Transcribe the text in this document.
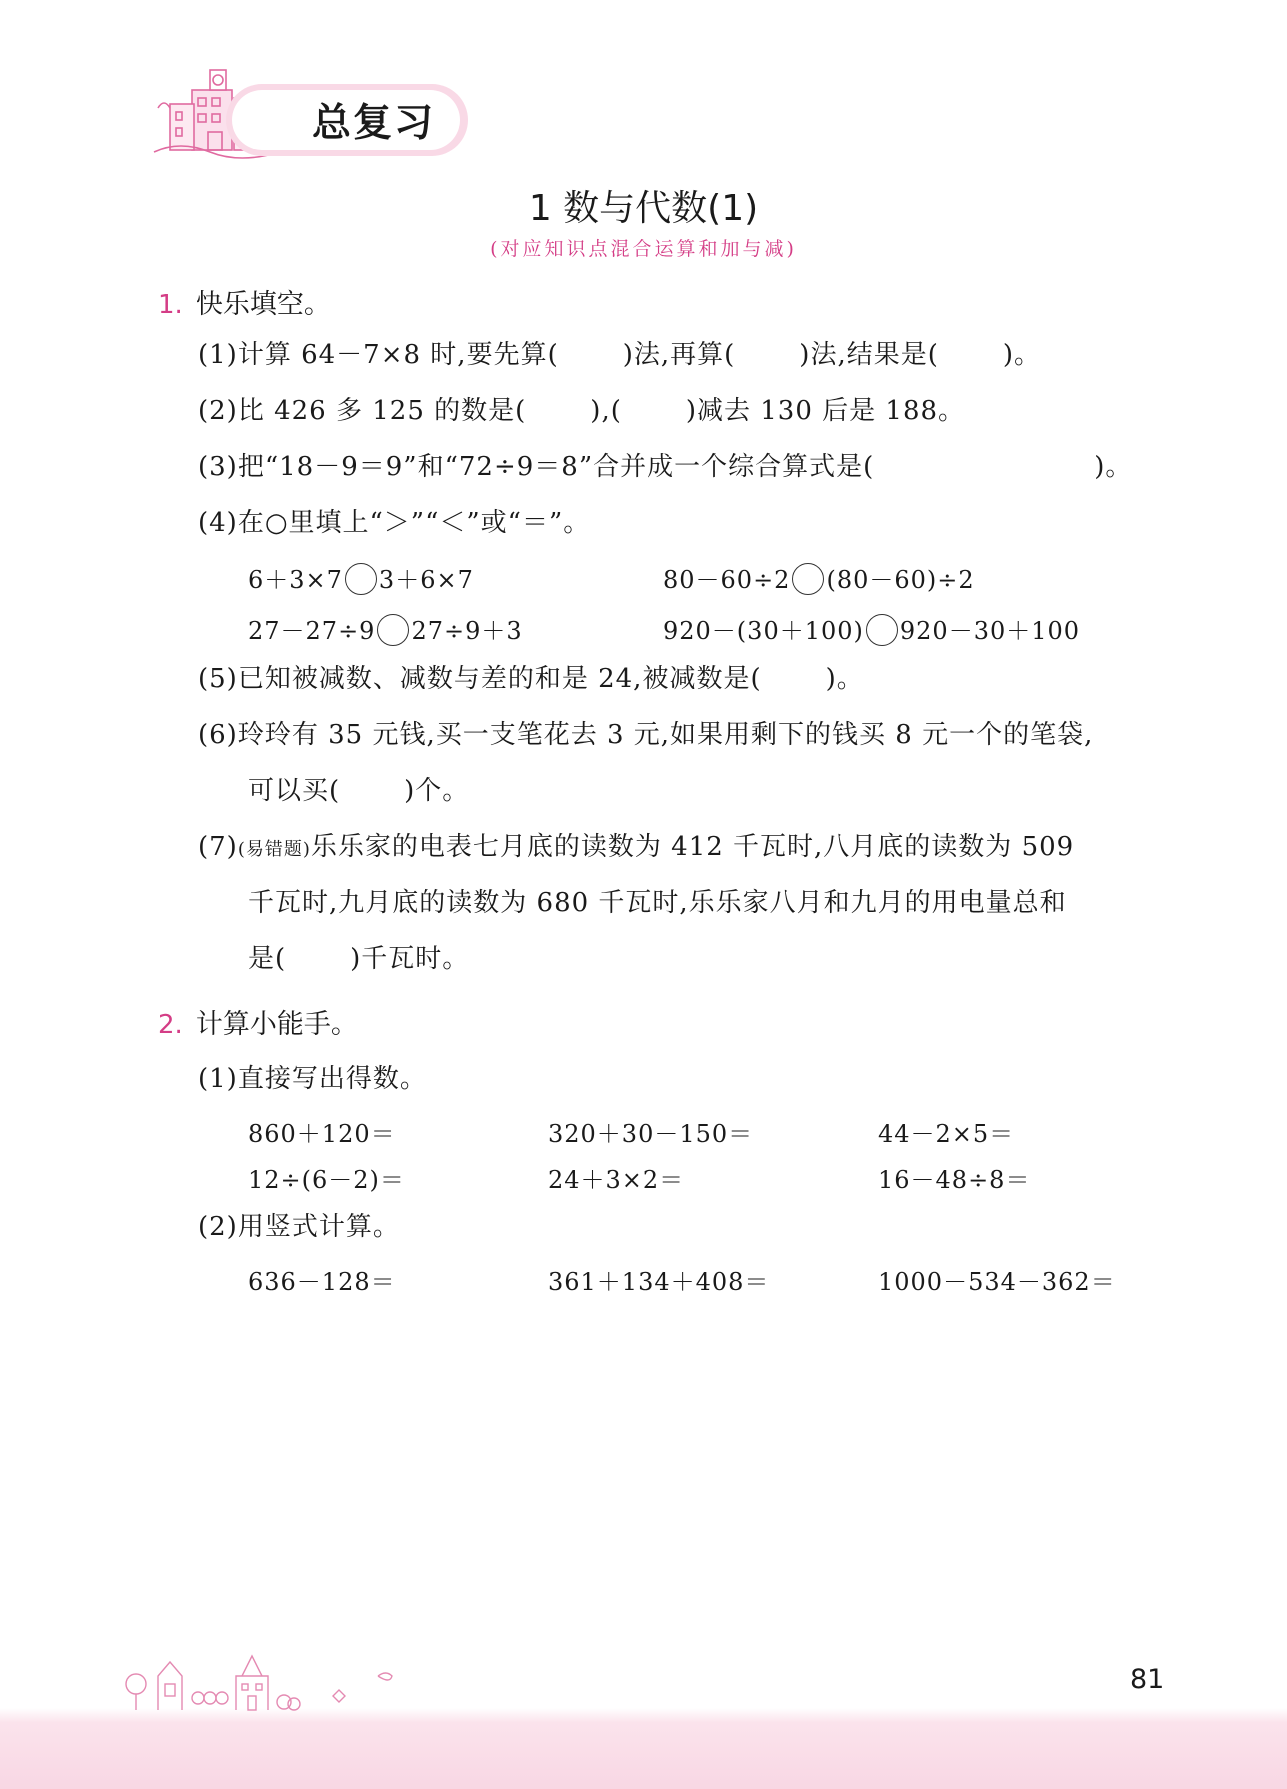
总复习
1 数与代数(1)
(对应知识点混合运算和加与减)
1. 快乐填空。
(1)计算 64－7×8 时,要先算( )法,再算( )法,结果是( )。
(2)比 426 多 125 的数是( ),( )减去 130 后是 188。
(3)把“18－9＝9”和“72÷9＝8”合并成一个综合算式是(	)。
(4)在○里填上“＞”“＜”或“＝”。
6＋3×7 3＋6×7	80－60÷2 (80－60)÷2
27－27÷9 27÷9＋3	920－(30＋100) 920－30＋100
(5)已知被减数、减数与差的和是 24,被减数是( )。
(6)玲玲有 35 元钱,买一支笔花去 3 元,如果用剩下的钱买 8 元一个的笔袋,
可以买( )个。
(7)(易错题)乐乐家的电表七月底的读数为 412 千瓦时,八月底的读数为 509
千瓦时,九月底的读数为 680 千瓦时,乐乐家八月和九月的用电量总和
是( )千瓦时。
2. 计算小能手。
(1)直接写出得数。
860＋120＝	320＋30－150＝	44－2×5＝
12÷(6－2)＝	24＋3×2＝	16－48÷8＝
(2)用竖式计算。
636－128＝	361＋134＋408＝	1000－534－362＝
81
